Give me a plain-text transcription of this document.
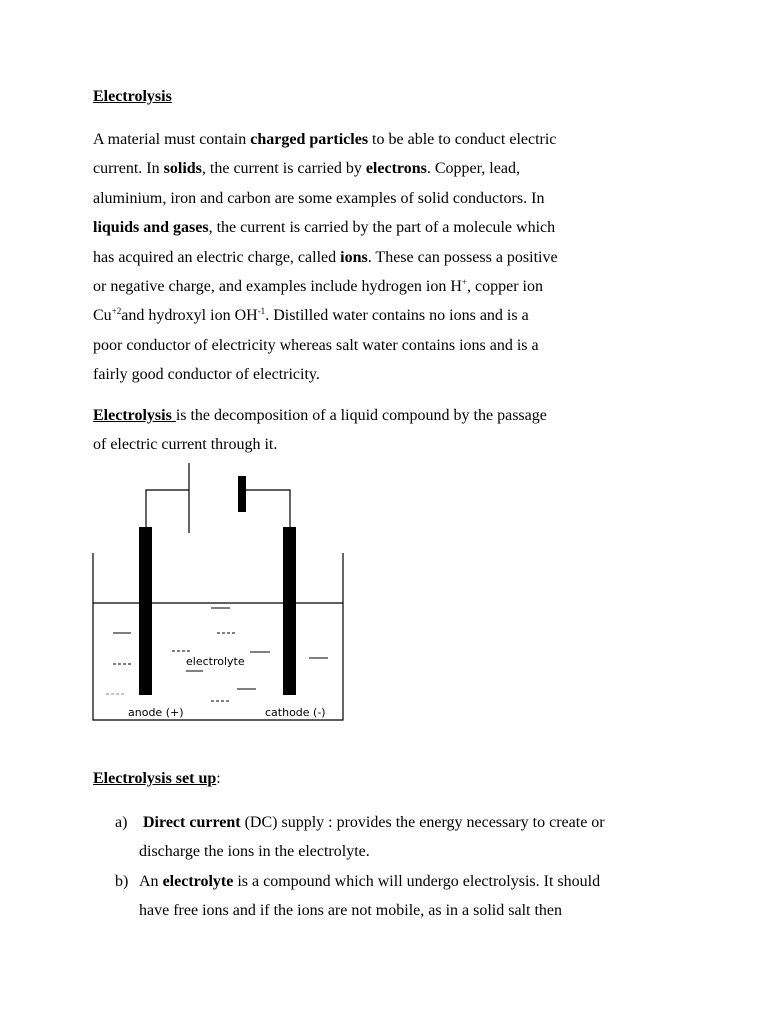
Electrolysis

A material must contain charged particles to be able to conduct electric
current. In solids, the current is carried by electrons. Copper, lead,
aluminium, iron and carbon are some examples of solid conductors. In
liquids and gases, the current is carried by the part of a molecule which
has acquired an electric charge, called ions. These can possess a positive
or negative charge, and examples include hydrogen ion H+, copper ion
$Cu^{+2}and$ hydroxyl ion $OH^{-1}$. Distilled water contains no ions and is a
poor conductor of electricity whereas salt water contains ions and is a
fairly good conductor of electricity.

Electrolysis is the decomposition of a liquid compound by the passage
of electric current through it.

electrolyte
anode (+)	cathode (-)

Electrolysis set up:

a) Direct current (DC) supply : provides the energy necessary to create or
discharge the ions in the electrolyte.
b) An electrolyte is a compound which will undergo electrolysis. It should
have free ions and if the ions are not mobile, as in a solid salt then
